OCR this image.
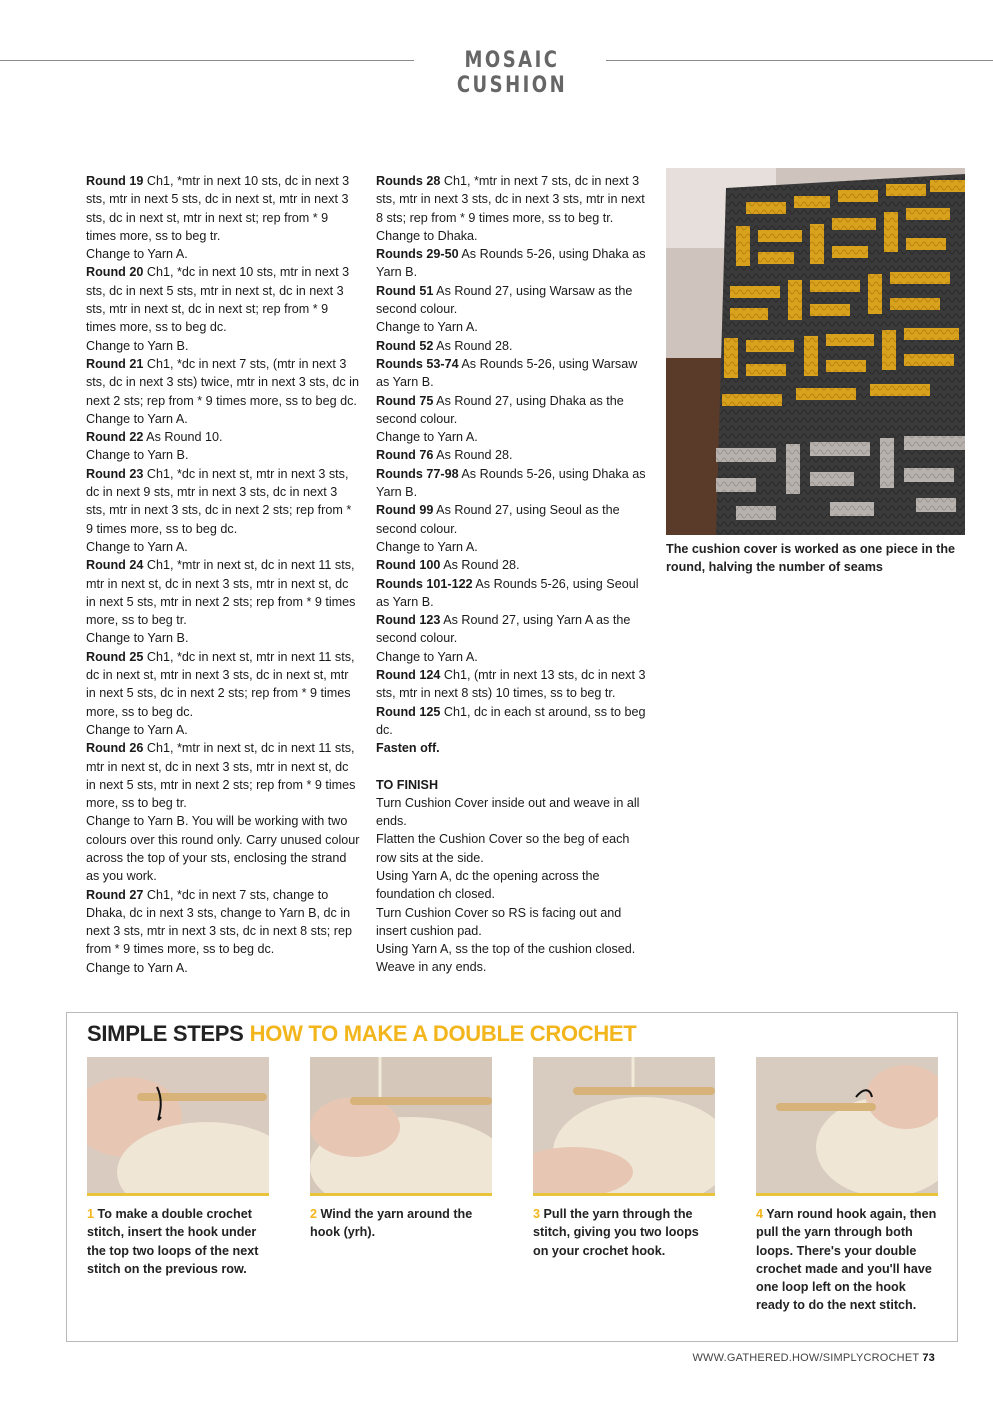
MOSAIC CUSHION

Round 19 Ch1, *mtr in next 10 sts, dc in next 3 sts, mtr in next 5 sts, dc in next st, mtr in next 3 sts, dc in next st, mtr in next st; rep from * 9 times more, ss to beg tr.

Change to Yarn A.

Round 20 Ch1, *dc in next 10 sts, mtr in next 3 sts, dc in next 5 sts, mtr in next st, dc in next 3 sts, mtr in next st, dc in next st; rep from * 9 times more, ss to beg dc.

Change to Yarn B.

Round 21 Ch1, *dc in next 7 sts, (mtr in next 3 sts, dc in next 3 sts) twice, mtr in next 3 sts, dc in next 2 sts; rep from * 9 times more, ss to beg dc.

Change to Yarn A.

Round 22 As Round 10.

Change to Yarn B.

Round 23 Ch1, *dc in next st, mtr in next 3 sts, dc in next 9 sts, mtr in next 3 sts, dc in next 3 sts, mtr in next 3 sts, dc in next 2 sts; rep from * 9 times more, ss to beg dc.

Change to Yarn A.

Round 24 Ch1, *mtr in next st, dc in next 11 sts, mtr in next st, dc in next 3 sts, mtr in next st, dc in next 5 sts, mtr in next 2 sts; rep from * 9 times more, ss to beg tr.

Change to Yarn B.

Round 25 Ch1, *dc in next st, mtr in next 11 sts, dc in next st, mtr in next 3 sts, dc in next st, mtr in next 5 sts, dc in next 2 sts; rep from * 9 times more, ss to beg dc.

Change to Yarn A.

Round 26 Ch1, *mtr in next st, dc in next 11 sts, mtr in next st, dc in next 3 sts, mtr in next st, dc in next 5 sts, mtr in next 2 sts; rep from * 9 times more, ss to beg tr.

Change to Yarn B. You will be working with two colours over this round only. Carry unused colour across the top of your sts, enclosing the strand as you work.

Round 27 Ch1, *dc in next 7 sts, change to Dhaka, dc in next 3 sts, change to Yarn B, dc in next 3 sts, mtr in next 3 sts, dc in next 8 sts; rep from * 9 times more, ss to beg dc.

Change to Yarn A.

Rounds 28 Ch1, *mtr in next 7 sts, dc in next 3 sts, mtr in next 3 sts, dc in next 3 sts, mtr in next 8 sts; rep from * 9 times more, ss to beg tr.

Change to Dhaka.

Rounds 29-50 As Rounds 5-26, using Dhaka as Yarn B.

Round 51 As Round 27, using Warsaw as the second colour.

Change to Yarn A.

Round 52 As Round 28.

Rounds 53-74 As Rounds 5-26, using Warsaw as Yarn B.

Round 75 As Round 27, using Dhaka as the second colour.

Change to Yarn A.

Round 76 As Round 28.

Rounds 77-98 As Rounds 5-26, using Dhaka as Yarn B.

Round 99 As Round 27, using Seoul as the second colour.

Change to Yarn A.

Round 100 As Round 28.

Rounds 101-122 As Rounds 5-26, using Seoul as Yarn B.

Round 123 As Round 27, using Yarn A as the second colour.

Change to Yarn A.

Round 124 Ch1, (mtr in next 13 sts, dc in next 3 sts, mtr in next 8 sts) 10 times, ss to beg tr.

Round 125 Ch1, dc in each st around, ss to beg dc.

Fasten off.

TO FINISH

Turn Cushion Cover inside out and weave in all ends.

Flatten the Cushion Cover so the beg of each row sits at the side.

Using Yarn A, dc the opening across the foundation ch closed.

Turn Cushion Cover so RS is facing out and insert cushion pad.

Using Yarn A, ss the top of the cushion closed. Weave in any ends.

The cushion cover is worked as one piece in the round, halving the number of seams
SIMPLE STEPS HOW TO MAKE A DOUBLE CROCHET
1 To make a double crochet stitch, insert the hook under the top two loops of the next stitch on the previous row.
2 Wind the yarn around the hook (yrh).
3 Pull the yarn through the stitch, giving you two loops on your crochet hook.
4 Yarn round hook again, then pull the yarn through both loops. There's your double crochet made and you'll have one loop left on the hook ready to do the next stitch.
WWW.GATHERED.HOW/SIMPLYCROCHET 73
